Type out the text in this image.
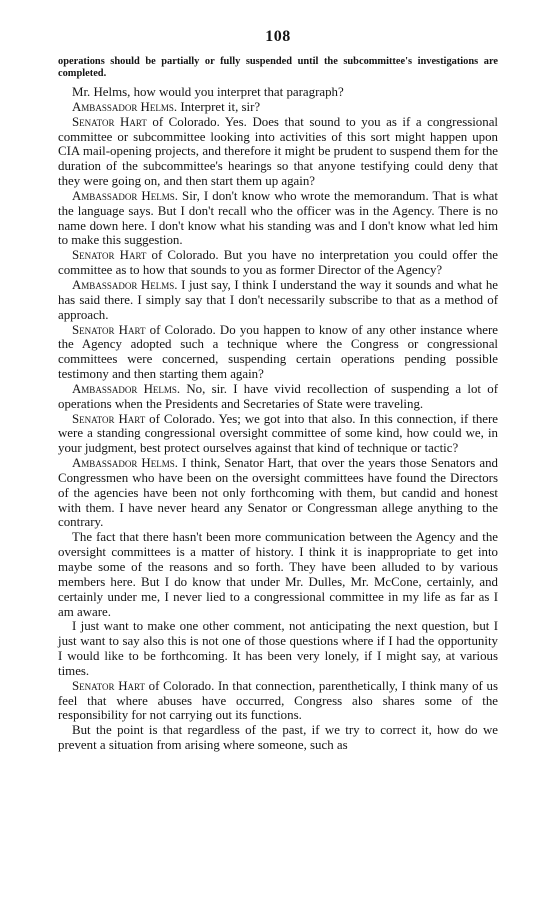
108
operations should be partially or fully suspended until the subcommittee's investigations are completed.

Mr. Helms, how would you interpret that paragraph?

Ambassador Helms. Interpret it, sir?

Senator Hart of Colorado. Yes. Does that sound to you as if a congressional committee or subcommittee looking into activities of this sort might happen upon CIA mail-opening projects, and therefore it might be prudent to suspend them for the duration of the subcommittee's hearings so that anyone testifying could deny that they were going on, and then start them up again?

Ambassador Helms. Sir, I don't know who wrote the memorandum. That is what the language says. But I don't recall who the officer was in the Agency. There is no name down here. I don't know what his standing was and I don't know what led him to make this suggestion.

Senator Hart of Colorado. But you have no interpretation you could offer the committee as to how that sounds to you as former Director of the Agency?

Ambassador Helms. I just say, I think I understand the way it sounds and what he has said there. I simply say that I don't necessarily subscribe to that as a method of approach.

Senator Hart of Colorado. Do you happen to know of any other instance where the Agency adopted such a technique where the Congress or congressional committees were concerned, suspending certain operations pending possible testimony and then starting them again?

Ambassador Helms. No, sir. I have vivid recollection of suspending a lot of operations when the Presidents and Secretaries of State were traveling.

Senator Hart of Colorado. Yes; we got into that also. In this connection, if there were a standing congressional oversight committee of some kind, how could we, in your judgment, best protect ourselves against that kind of technique or tactic?

Ambassador Helms. I think, Senator Hart, that over the years those Senators and Congressmen who have been on the oversight committees have found the Directors of the agencies have been not only forthcoming with them, but candid and honest with them. I have never heard any Senator or Congressman allege anything to the contrary.

The fact that there hasn't been more communication between the Agency and the oversight committees is a matter of history. I think it is inappropriate to get into maybe some of the reasons and so forth. They have been alluded to by various members here. But I do know that under Mr. Dulles, Mr. McCone, certainly, and certainly under me, I never lied to a congressional committee in my life as far as I am aware.

I just want to make one other comment, not anticipating the next question, but I just want to say also this is not one of those questions where if I had the opportunity I would like to be forthcoming. It has been very lonely, if I might say, at various times.

Senator Hart of Colorado. In that connection, parenthetically, I think many of us feel that where abuses have occurred, Congress also shares some of the responsibility for not carrying out its functions.

But the point is that regardless of the past, if we try to correct it, how do we prevent a situation from arising where someone, such as
